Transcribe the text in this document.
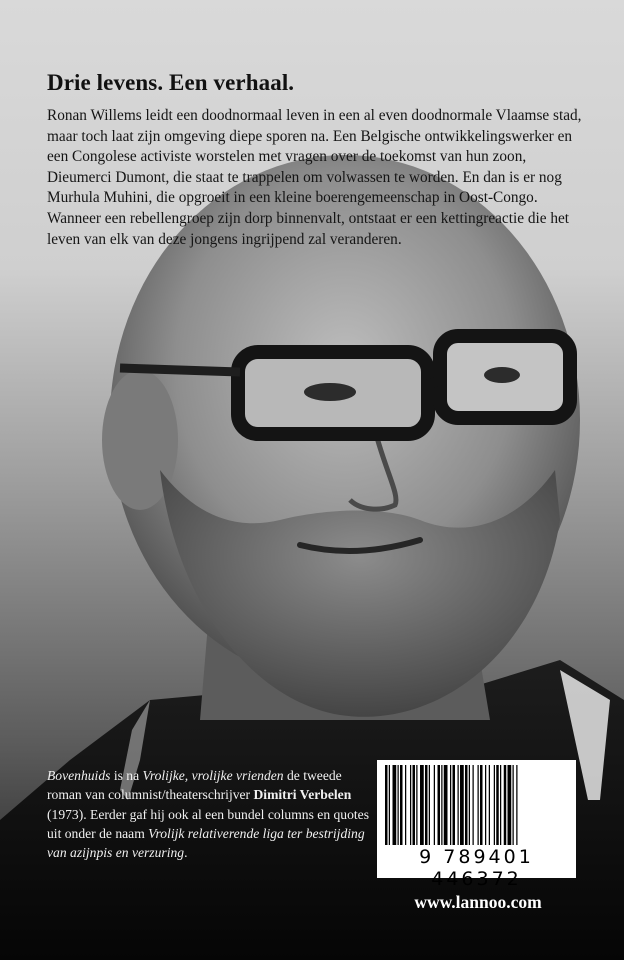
Drie levens. Een verhaal.

Ronan Willems leidt een doodnormaal leven in een al even doodnormale Vlaamse stad, maar toch laat zijn omgeving diepe sporen na. Een Belgische ontwikkelingswerker en een Congolese activiste worstelen met vragen over de toekomst van hun zoon, Dieumerci Dumont, die staat te trappelen om volwassen te worden. En dan is er nog Murhula Muhini, die opgroeit in een kleine boerengemeenschap in Oost-Congo. Wanneer een rebellengroep zijn dorp binnenvalt, ontstaat er een kettingreactie die het leven van elk van deze jongens ingrijpend zal veranderen.

Bovenhuids is na Vrolijke, vrolijke vrienden de tweede roman van columnist/theaterschrijver Dimitri Verbelen (1973). Eerder gaf hij ook al een bundel columns en quotes uit onder de naam Vrolijk relativerende liga ter bestrijding van azijnpis en verzuring.	9 789401 446372

www.lannoo.com
